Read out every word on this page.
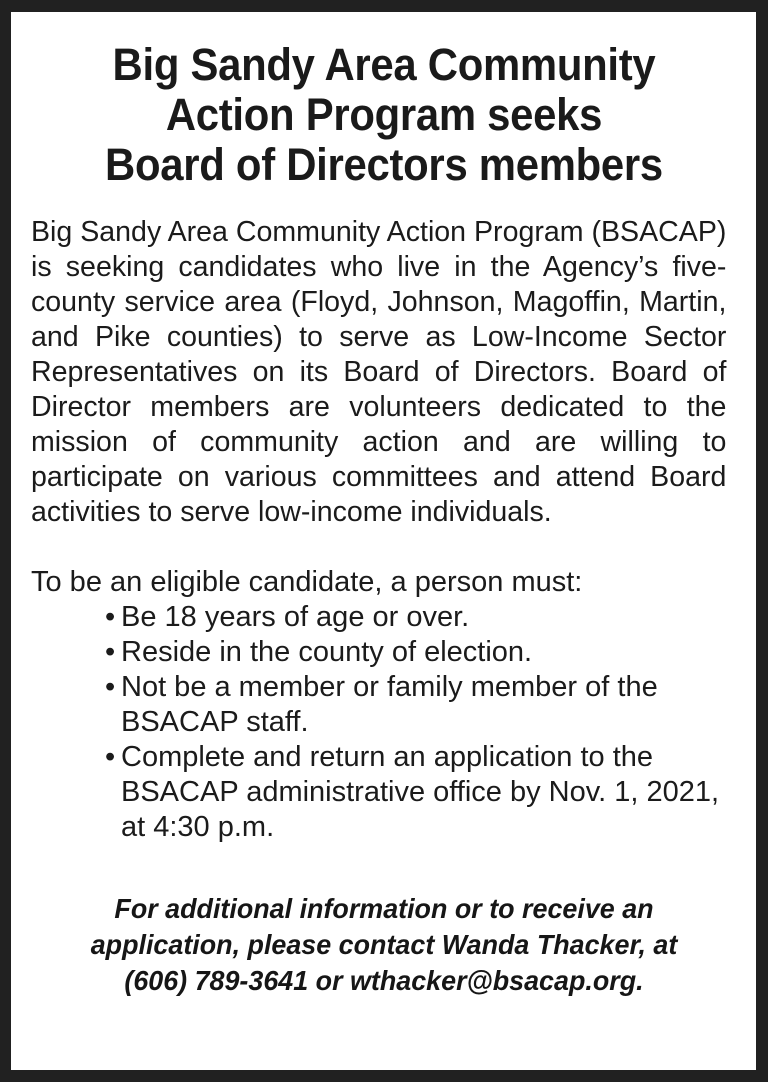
Big Sandy Area Community
Action Program seeks
Board of Directors members

Big Sandy Area Community Action Program (BSACAP) is seeking candidates who live in the Agency’s five-county service area (Floyd, Johnson, Magoffin, Martin, and Pike counties) to serve as Low-Income Sector Representatives on its Board of Directors. Board of Director members are volunteers dedicated to the mission of community action and are willing to participate on various committees and attend Board activities to serve low-income individuals.

To be an eligible candidate, a person must:

• Be 18 years of age or over.
• Reside in the county of election.
• Not be a member or family member of the BSACAP staff.
• Complete and return an application to the BSACAP administrative office by Nov. 1, 2021, at 4:30 p.m.
For additional information or to receive an
application, please contact Wanda Thacker, at
(606) 789-3641 or wthacker@bsacap.org.
